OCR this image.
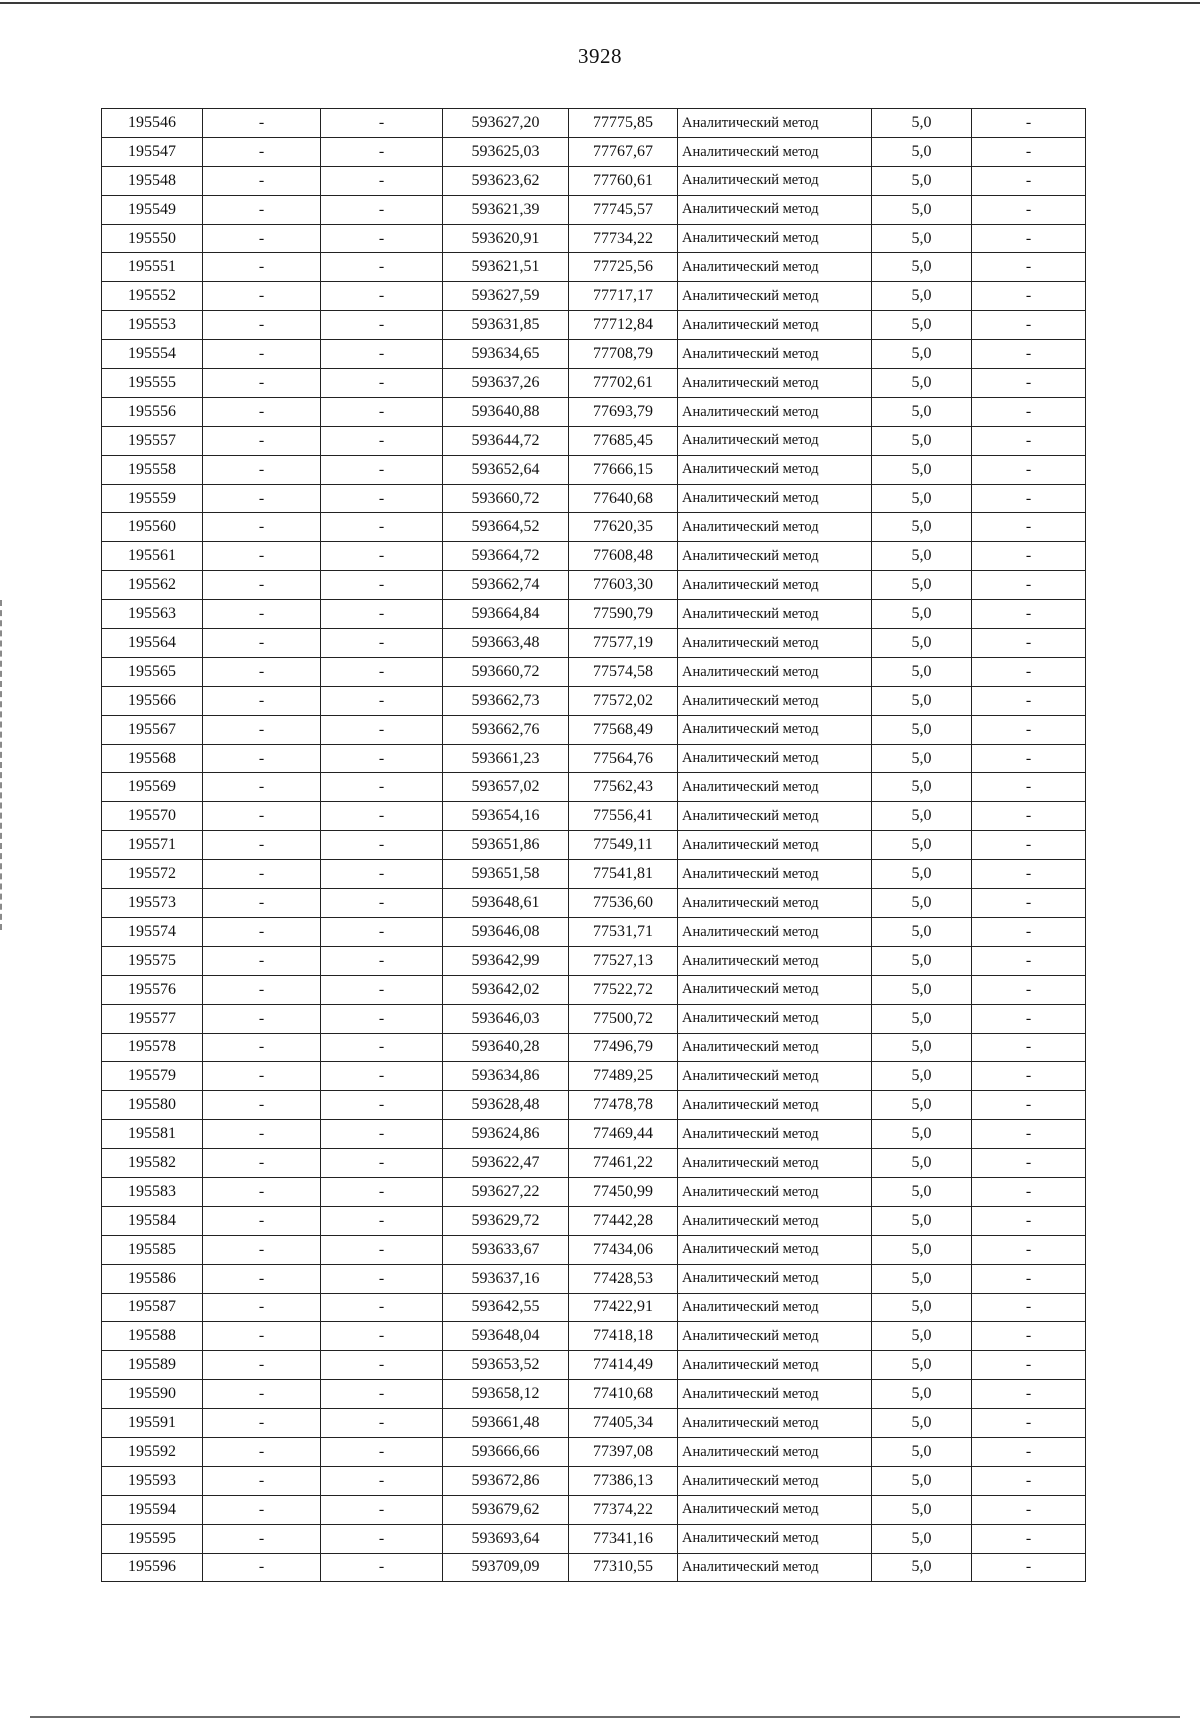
3928
195546	-	-	593627,20	77775,85	Аналитический метод	5,0	-
195547	-	-	593625,03	77767,67	Аналитический метод	5,0	-
195548	-	-	593623,62	77760,61	Аналитический метод	5,0	-
195549	-	-	593621,39	77745,57	Аналитический метод	5,0	-
195550	-	-	593620,91	77734,22	Аналитический метод	5,0	-
195551	-	-	593621,51	77725,56	Аналитический метод	5,0	-
195552	-	-	593627,59	77717,17	Аналитический метод	5,0	-
195553	-	-	593631,85	77712,84	Аналитический метод	5,0	-
195554	-	-	593634,65	77708,79	Аналитический метод	5,0	-
195555	-	-	593637,26	77702,61	Аналитический метод	5,0	-
195556	-	-	593640,88	77693,79	Аналитический метод	5,0	-
195557	-	-	593644,72	77685,45	Аналитический метод	5,0	-
195558	-	-	593652,64	77666,15	Аналитический метод	5,0	-
195559	-	-	593660,72	77640,68	Аналитический метод	5,0	-
195560	-	-	593664,52	77620,35	Аналитический метод	5,0	-
195561	-	-	593664,72	77608,48	Аналитический метод	5,0	-
195562	-	-	593662,74	77603,30	Аналитический метод	5,0	-
195563	-	-	593664,84	77590,79	Аналитический метод	5,0	-
195564	-	-	593663,48	77577,19	Аналитический метод	5,0	-
195565	-	-	593660,72	77574,58	Аналитический метод	5,0	-
195566	-	-	593662,73	77572,02	Аналитический метод	5,0	-
195567	-	-	593662,76	77568,49	Аналитический метод	5,0	-
195568	-	-	593661,23	77564,76	Аналитический метод	5,0	-
195569	-	-	593657,02	77562,43	Аналитический метод	5,0	-
195570	-	-	593654,16	77556,41	Аналитический метод	5,0	-
195571	-	-	593651,86	77549,11	Аналитический метод	5,0	-
195572	-	-	593651,58	77541,81	Аналитический метод	5,0	-
195573	-	-	593648,61	77536,60	Аналитический метод	5,0	-
195574	-	-	593646,08	77531,71	Аналитический метод	5,0	-
195575	-	-	593642,99	77527,13	Аналитический метод	5,0	-
195576	-	-	593642,02	77522,72	Аналитический метод	5,0	-
195577	-	-	593646,03	77500,72	Аналитический метод	5,0	-
195578	-	-	593640,28	77496,79	Аналитический метод	5,0	-
195579	-	-	593634,86	77489,25	Аналитический метод	5,0	-
195580	-	-	593628,48	77478,78	Аналитический метод	5,0	-
195581	-	-	593624,86	77469,44	Аналитический метод	5,0	-
195582	-	-	593622,47	77461,22	Аналитический метод	5,0	-
195583	-	-	593627,22	77450,99	Аналитический метод	5,0	-
195584	-	-	593629,72	77442,28	Аналитический метод	5,0	-
195585	-	-	593633,67	77434,06	Аналитический метод	5,0	-
195586	-	-	593637,16	77428,53	Аналитический метод	5,0	-
195587	-	-	593642,55	77422,91	Аналитический метод	5,0	-
195588	-	-	593648,04	77418,18	Аналитический метод	5,0	-
195589	-	-	593653,52	77414,49	Аналитический метод	5,0	-
195590	-	-	593658,12	77410,68	Аналитический метод	5,0	-
195591	-	-	593661,48	77405,34	Аналитический метод	5,0	-
195592	-	-	593666,66	77397,08	Аналитический метод	5,0	-
195593	-	-	593672,86	77386,13	Аналитический метод	5,0	-
195594	-	-	593679,62	77374,22	Аналитический метод	5,0	-
195595	-	-	593693,64	77341,16	Аналитический метод	5,0	-
195596	-	-	593709,09	77310,55	Аналитический метод	5,0	-
